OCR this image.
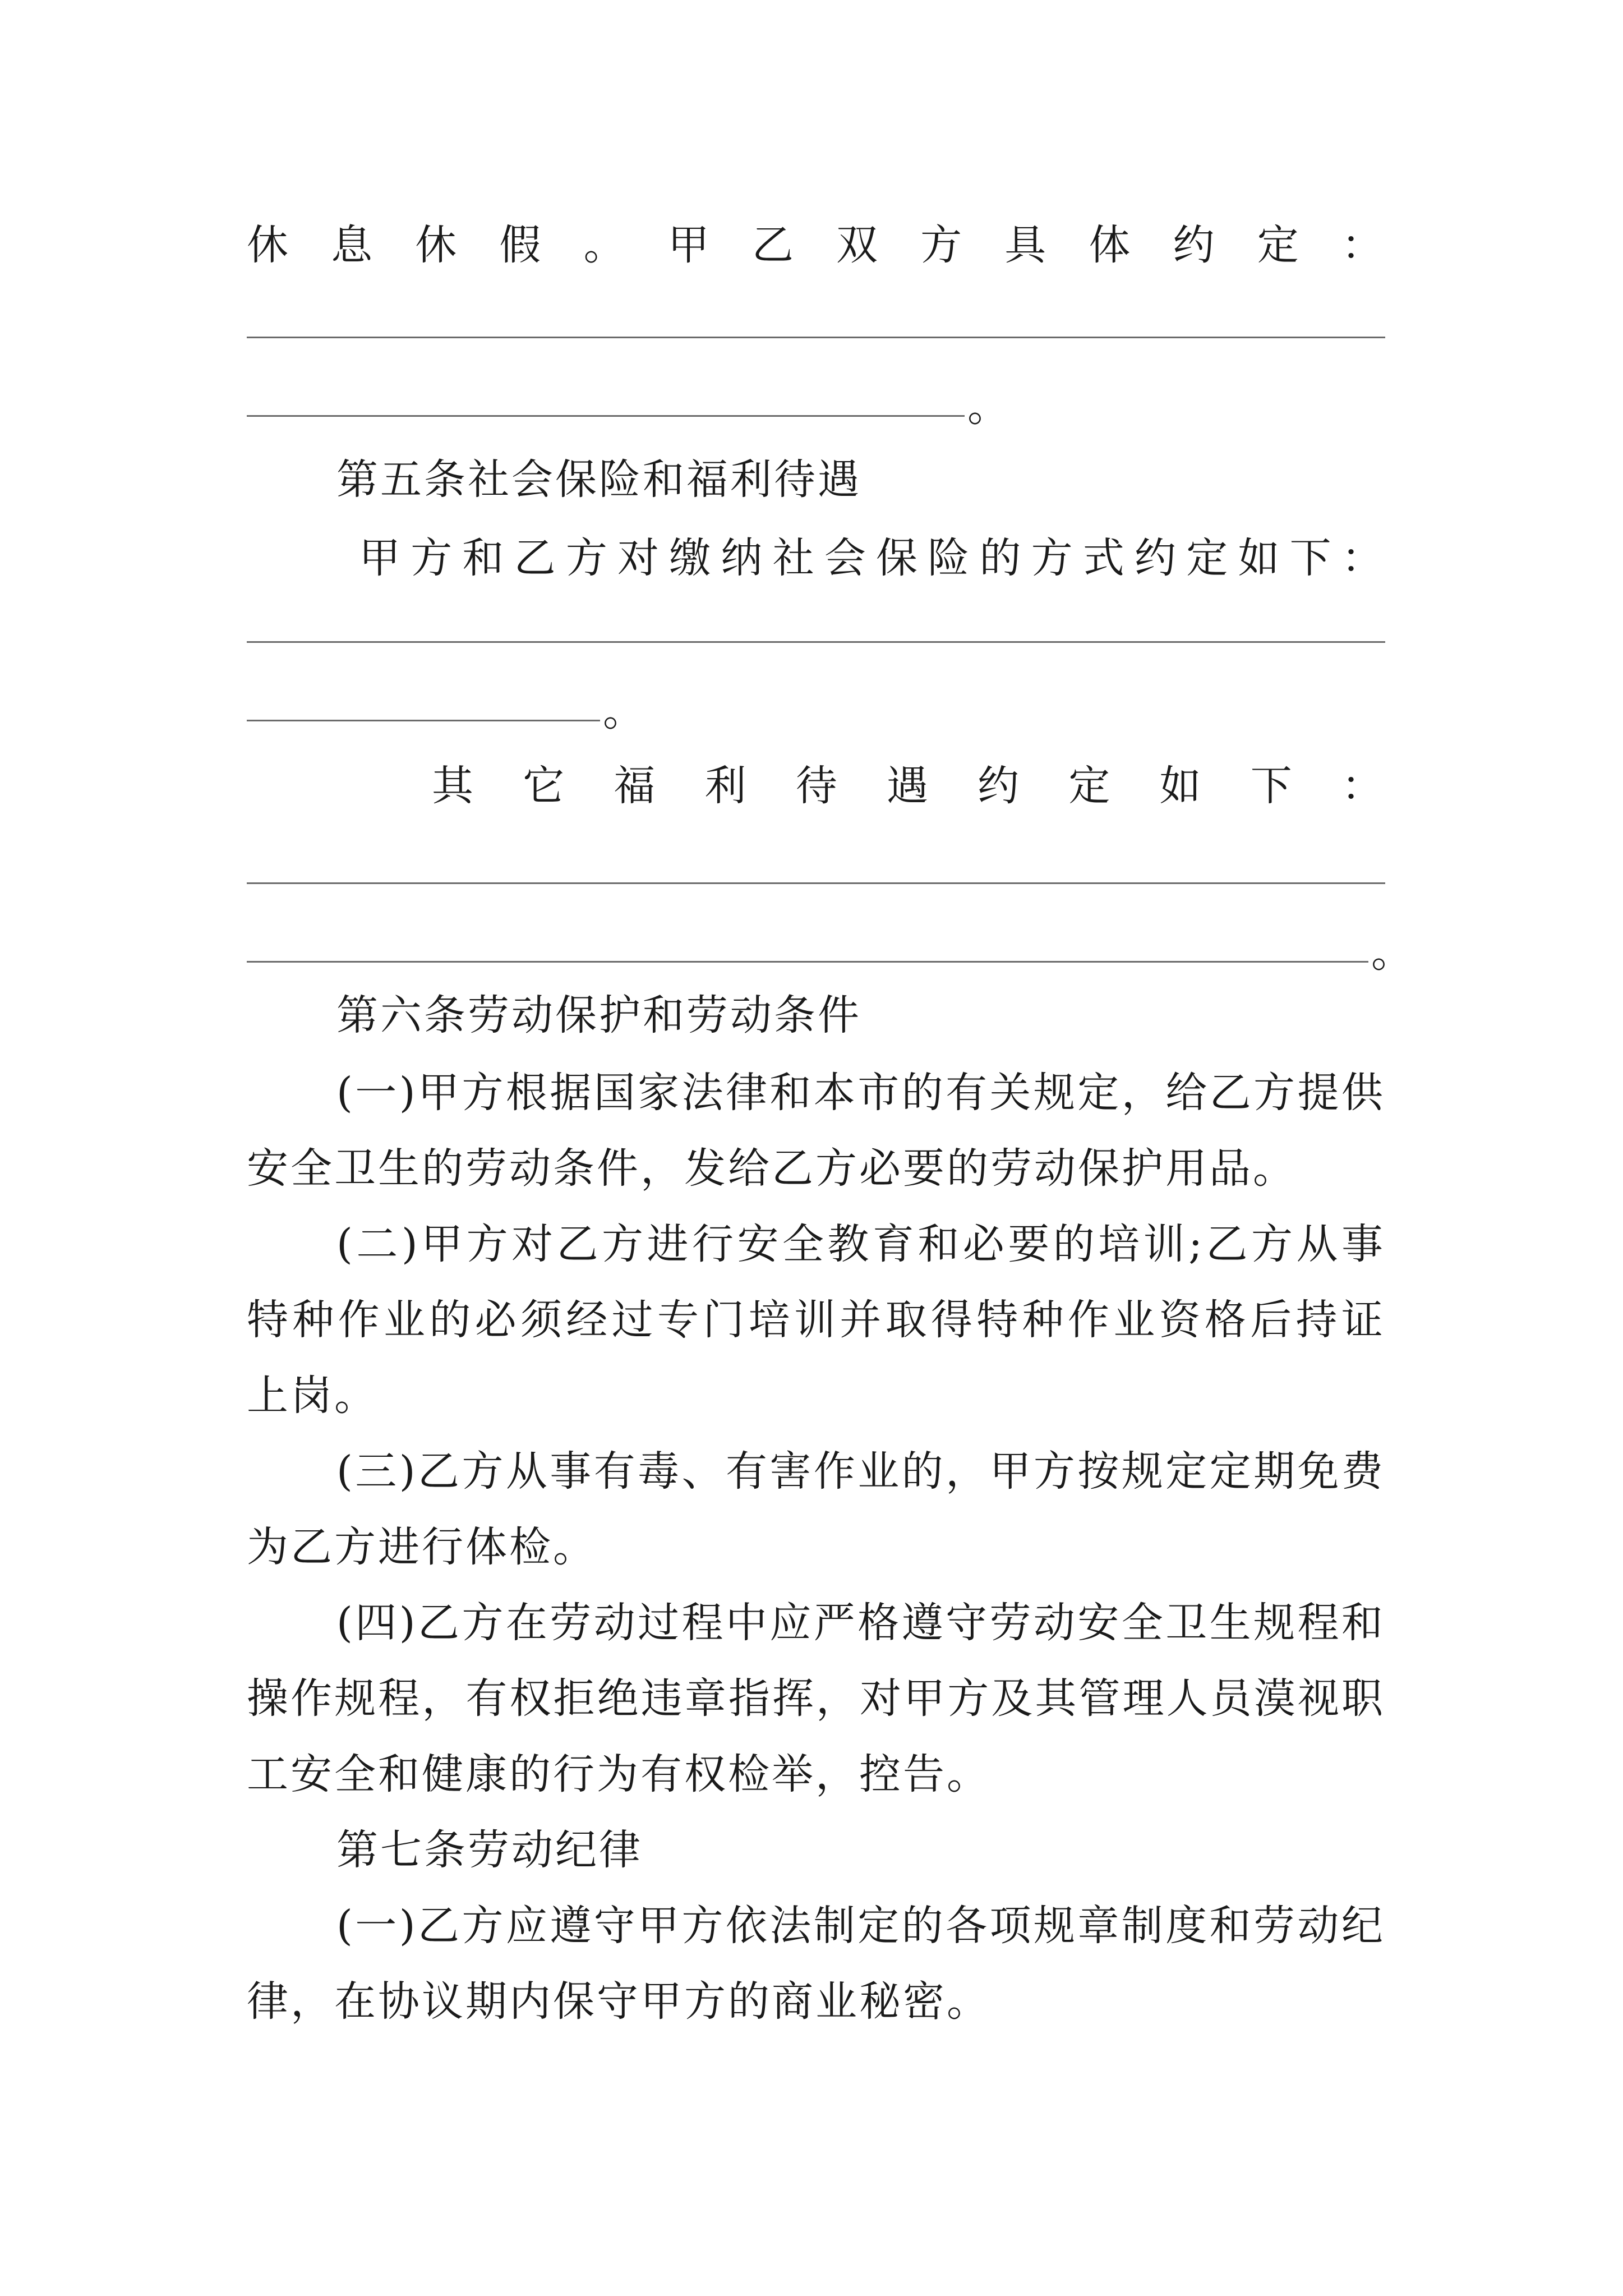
休 息 休 假 。 甲 乙 双 方 具 体 约 定 ：
。
第五条社会保险和福利待遇
甲 方 和 乙 方 对 缴 纳 社 会 保 险 的 方 式 约 定 如 下 ：
。
其 它 福 利 待 遇 约 定 如 下 ：
。
第六条劳动保护和劳动条件
( 一 ) 甲 方 根 据 国 家 法 律 和 本 市 的 有 关 规 定 ， 给 乙 方 提 供
安 全 卫 生 的 劳 动 条 件 ， 发 给 乙 方 必 要 的 劳 动 保 护 用 品 。
( 二 ) 甲 方 对 乙 方 进 行 安 全 教 育 和 必 要 的 培 训 ; 乙 方 从 事
特 种 作 业 的 必 须 经 过 专 门 培 训 并 取 得 特 种 作 业 资 格 后 持 证
上岗。
( 三 ) 乙 方 从 事 有 毒 、 有 害 作 业 的 ， 甲 方 按 规 定 定 期 免 费
为乙方进行体检。
( 四 ) 乙 方 在 劳 动 过 程 中 应 严 格 遵 守 劳 动 安 全 卫 生 规 程 和
操 作 规 程 ， 有 权 拒 绝 违 章 指 挥 ， 对 甲 方 及 其 管 理 人 员 漠 视 职
工安全和健康的行为有权检举，控告。
第七条劳动纪律
( 一 ) 乙 方 应 遵 守 甲 方 依 法 制 定 的 各 项 规 章 制 度 和 劳 动 纪
律，在协议期内保守甲方的商业秘密。
